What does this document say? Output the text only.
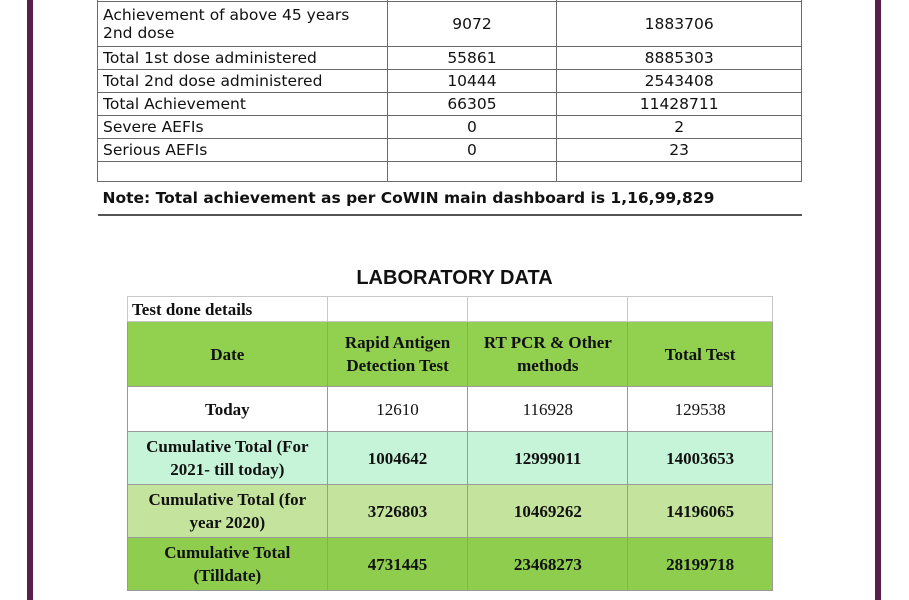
Achievement of above 45 years 2nd dose	9072	1883706
Total 1st dose administered	55861	8885303
Total 2nd dose administered	10444	2543408
Total Achievement	66305	11428711
Severe AEFIs	0	2
Serious AEFIs	0	23

Note: Total achievement as per CoWIN main dashboard is 1,16,99,829		
LABORATORY DATA
Test done details			
Date	Rapid Antigen Detection Test	RT PCR & Other methods	Total Test
Today	12610	116928	129538
Cumulative Total (For 2021- till today)	1004642	12999011	14003653
Cumulative Total (for year 2020)	3726803	10469262	14196065
Cumulative Total (Tilldate)	4731445	23468273	28199718
